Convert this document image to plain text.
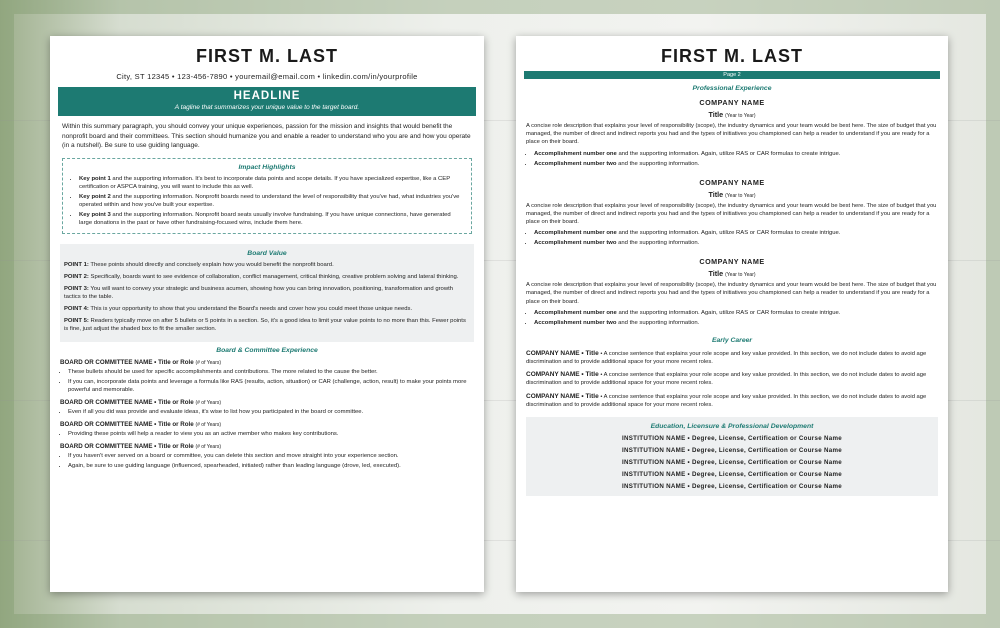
FIRST M. LAST
City, ST 12345 • 123-456-7890 • youremail@email.com • linkedin.com/in/yourprofile
HEADLINE
A tagline that summarizes your unique value to the target board.
Within this summary paragraph, you should convey your unique experiences, passion for the mission and insights that would benefit the nonprofit board and their committees. This section should humanize you and enable a reader to understand who you are and how you operate (in a nutshell). Be sure to use guiding language.
Impact Highlights
• Key point 1 and the supporting information. It's best to incorporate data points and scope details. If you have specialized expertise, like a CEP certification or ASPCA training, you will want to include this as well.
• Key point 2 and the supporting information. Nonprofit boards need to understand the level of responsibility that you've had, what industries you've operated within and how you've built your expertise.
• Key point 3 and the supporting information. Nonprofit board seats usually involve fundraising. If you have unique connections, have generated large donations in the past or have other fundraising-focused wins, include them here.
Board Value
POINT 1: These points should directly and concisely explain how you would benefit the nonprofit board.
POINT 2: Specifically, boards want to see evidence of collaboration, conflict management, critical thinking, creative problem solving and lateral thinking.
POINT 3: You will want to convey your strategic and business acumen, showing how you can bring innovation, positioning, transformation and growth tactics to the table.
POINT 4: This is your opportunity to show that you understand the Board's needs and cover how you could meet those unique needs.
POINT 5: Readers typically move on after 5 bullets or 5 points in a section. So, it's a good idea to limit your value points to no more than this. Fewer points is fine, just adjust the shaded box to fit the smaller section.
Board & Committee Experience
BOARD OR COMMITTEE NAME • Title or Role (# of Years)
• These bullets should be used for specific accomplishments and contributions. The more related to the cause the better.
• If you can, incorporate data points and leverage a formula like RAS (results, action, situation) or CAR (challenge, action, result) to make your points more powerful and memorable.
BOARD OR COMMITTEE NAME • Title or Role (# of Years)
• Even if all you did was provide and evaluate ideas, it's wise to list how you participated in the board or committee.
BOARD OR COMMITTEE NAME • Title or Role (# of Years)
• Providing these points will help a reader to view you as an active member who makes key contributions.
BOARD OR COMMITTEE NAME • Title or Role (# of Years)
• If you haven't ever served on a board or committee, you can delete this section and move straight into your experience section.
• Again, be sure to use guiding language (influenced, spearheaded, initiated) rather than leading language (drove, led, executed).
FIRST M. LAST
Page 2
Professional Experience
COMPANY NAME
Title (Year to Year)
A concise role description that explains your level of responsibility (scope), the industry dynamics and your team would be best here. The size of budget that you managed, the number of direct and indirect reports you had and the types of initiatives you championed can help a reader to understand if you are ready for a place on their board.
• Accomplishment number one and the supporting information. Again, utilize RAS or CAR formulas to create intrigue.
• Accomplishment number two and the supporting information.
COMPANY NAME
Title (Year to Year)
A concise role description that explains your level of responsibility (scope), the industry dynamics and your team would be best here. The size of budget that you managed, the number of direct and indirect reports you had and the types of initiatives you championed can help a reader to understand if you are ready for a place on their board.
• Accomplishment number one and the supporting information. Again, utilize RAS or CAR formulas to create intrigue.
• Accomplishment number two and the supporting information.
COMPANY NAME
Title (Year to Year)
A concise role description that explains your level of responsibility (scope), the industry dynamics and your team would be best here. The size of budget that you managed, the number of direct and indirect reports you had and the types of initiatives you championed can help a reader to understand if you are ready for a place on their board.
• Accomplishment number one and the supporting information. Again, utilize RAS or CAR formulas to create intrigue.
• Accomplishment number two and the supporting information.
Early Career
COMPANY NAME • Title • A concise sentence that explains your role scope and key value provided. In this section, we do not include dates to avoid age discrimination and to provide additional space for your more recent roles.
COMPANY NAME • Title • A concise sentence that explains your role scope and key value provided. In this section, we do not include dates to avoid age discrimination and to provide additional space for your more recent roles.
COMPANY NAME • Title • A concise sentence that explains your role scope and key value provided. In this section, we do not include dates to avoid age discrimination and to provide additional space for your more recent roles.
Education, Licensure & Professional Development
INSTITUTION NAME • Degree, License, Certification or Course Name
INSTITUTION NAME • Degree, License, Certification or Course Name
INSTITUTION NAME • Degree, License, Certification or Course Name
INSTITUTION NAME • Degree, License, Certification or Course Name
INSTITUTION NAME • Degree, License, Certification or Course Name
